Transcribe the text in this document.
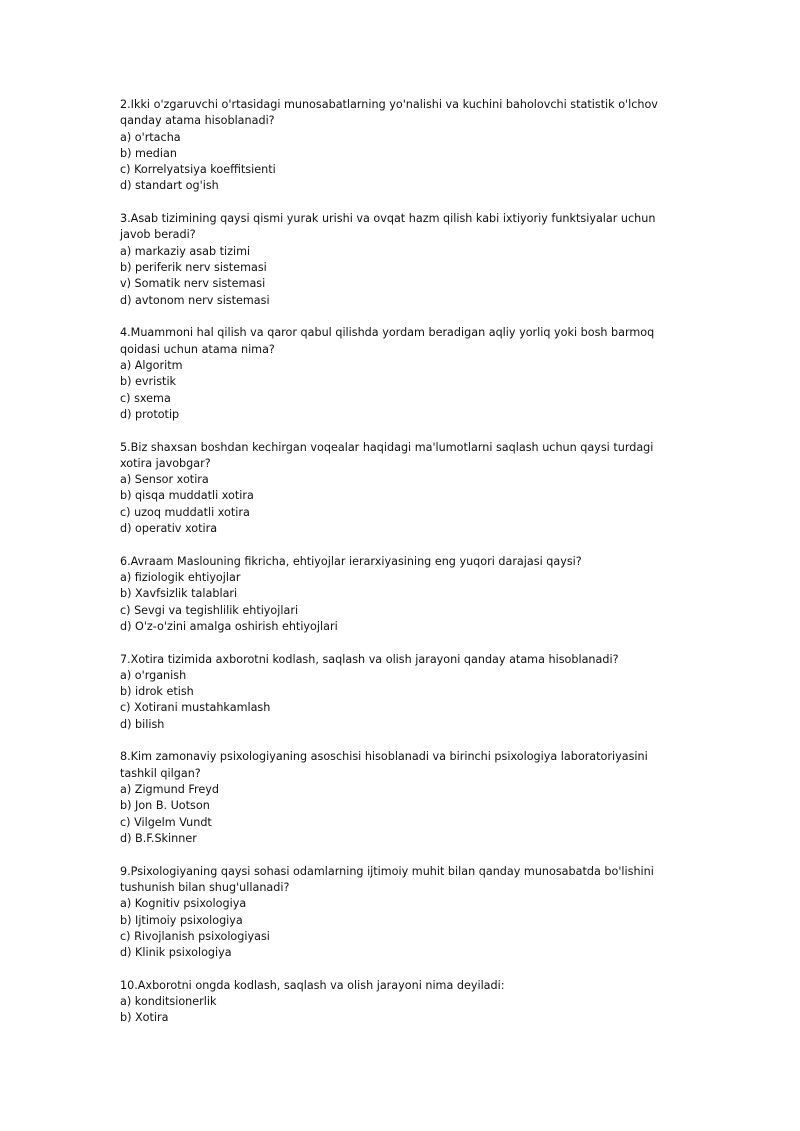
2.Ikki o'zgaruvchi o'rtasidagi munosabatlarning yo'nalishi va kuchini baholovchi statistik o'lchov qanday atama hisoblanadi?

a) o'rtacha

b) median

c) Korrelyatsiya koeffitsienti

d) standart og'ish

3.Asab tizimining qaysi qismi yurak urishi va ovqat hazm qilish kabi ixtiyoriy funktsiyalar uchun javob beradi?

a) markaziy asab tizimi

b) periferik nerv sistemasi

v) Somatik nerv sistemasi

d) avtonom nerv sistemasi

4.Muammoni hal qilish va qaror qabul qilishda yordam beradigan aqliy yorliq yoki bosh barmoq qoidasi uchun atama nima?

a) Algoritm

b) evristik

c) sxema

d) prototip

5.Biz shaxsan boshdan kechirgan voqealar haqidagi ma'lumotlarni saqlash uchun qaysi turdagi xotira javobgar?

a) Sensor xotira

b) qisqa muddatli xotira

c) uzoq muddatli xotira

d) operativ xotira

6.Avraam Maslouning fikricha, ehtiyojlar ierarxiyasining eng yuqori darajasi qaysi?

a) fiziologik ehtiyojlar

b) Xavfsizlik talablari

c) Sevgi va tegishlilik ehtiyojlari

d) O'z-o'zini amalga oshirish ehtiyojlari

7.Xotira tizimida axborotni kodlash, saqlash va olish jarayoni qanday atama hisoblanadi?

a) o'rganish

b) idrok etish

c) Xotirani mustahkamlash

d) bilish

8.Kim zamonaviy psixologiyaning asoschisi hisoblanadi va birinchi psixologiya laboratoriyasini tashkil qilgan?

a) Zigmund Freyd

b) Jon B. Uotson

c) Vilgelm Vundt

d) B.F.Skinner

9.Psixologiyaning qaysi sohasi odamlarning ijtimoiy muhit bilan qanday munosabatda bo'lishini tushunish bilan shug'ullanadi?

a) Kognitiv psixologiya

b) Ijtimoiy psixologiya

c) Rivojlanish psixologiyasi

d) Klinik psixologiya

10.Axborotni ongda kodlash, saqlash va olish jarayoni nima deyiladi:

a) konditsionerlik

b) Xotira
